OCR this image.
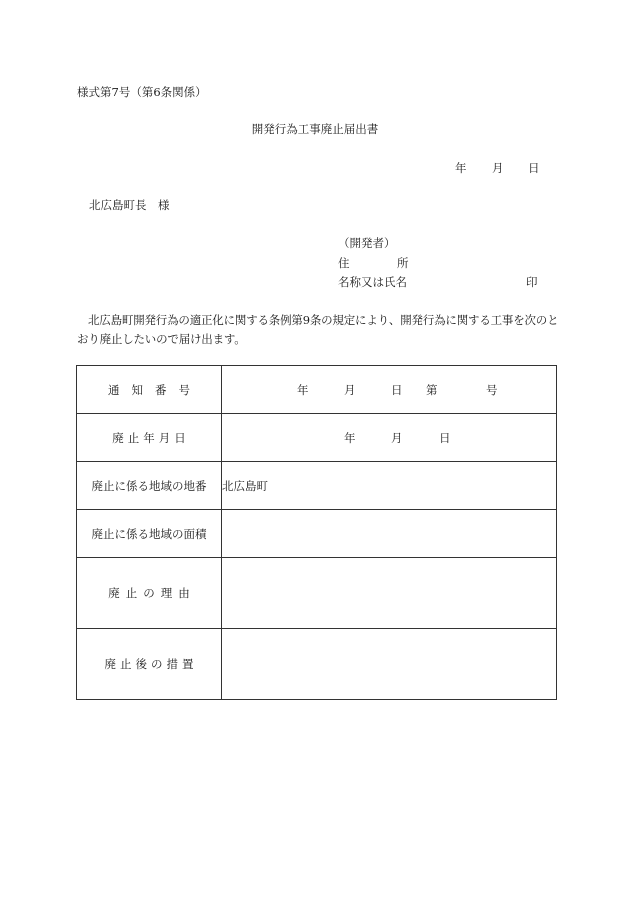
様式第7号（第6条関係）
開発行為工事廃止届出書
年 月 日
北広島町長　様
（開発者）
住	所
名称又は氏名	印
北広島町開発行為の適正化に関する条例第9条の規定により、開発行為に関する工事を次のとおり廃止したいので届け出ます。
通知番号	年 月 日 第 号

廃止年月日	年 月 日

廃止に係る地域の地番	北広島町
廃止に係る地域の面積	
廃止の理由	
廃止後の措置	
